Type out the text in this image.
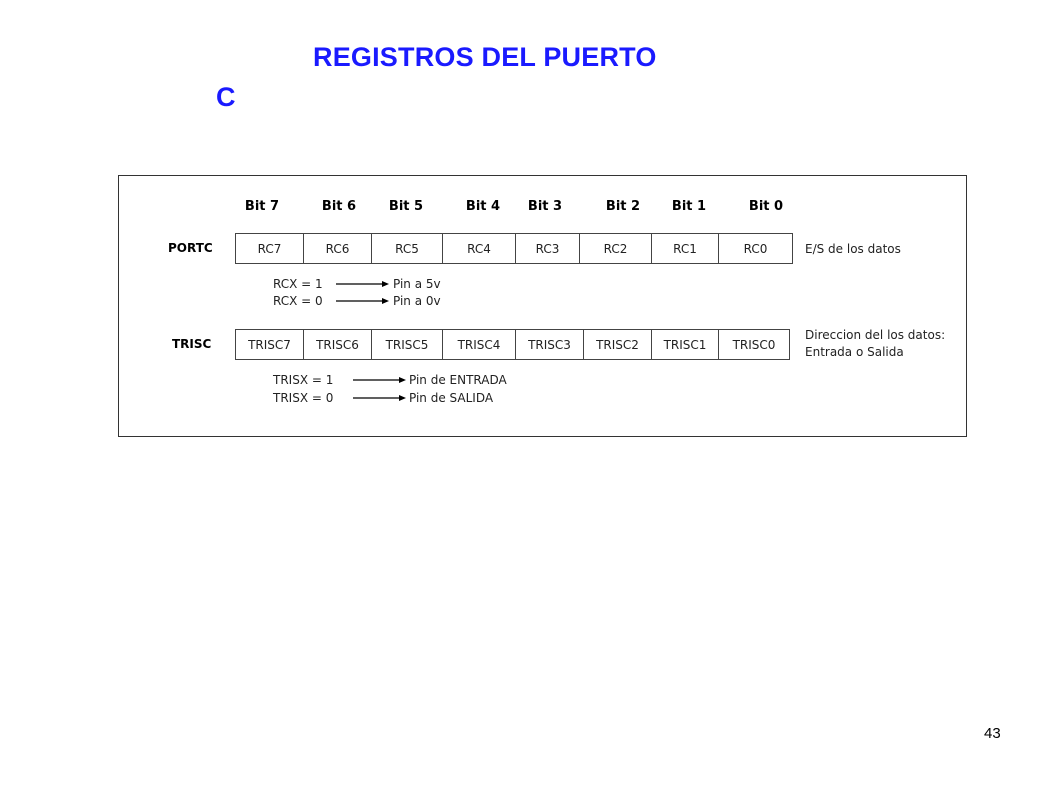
REGISTROS DEL PUERTO
C
Bit 7	Bit 6	Bit 5	Bit 4	Bit 3	Bit 2	Bit 1	Bit 0
PORTC	RC7	RC6	RC5	RC4	RC3	RC2	RC1	RC0	E/S de los datos
RCX = 1	Pin a 5v
RCX = 0	Pin a 0v
TRISC	TRISC7	TRISC6	TRISC5	TRISC4	TRISC3	TRISC2	TRISC1	TRISC0
Direccion del los datos:
Entrada o Salida
TRISX = 1	Pin de ENTRADA
TRISX = 0	Pin de SALIDA
43
